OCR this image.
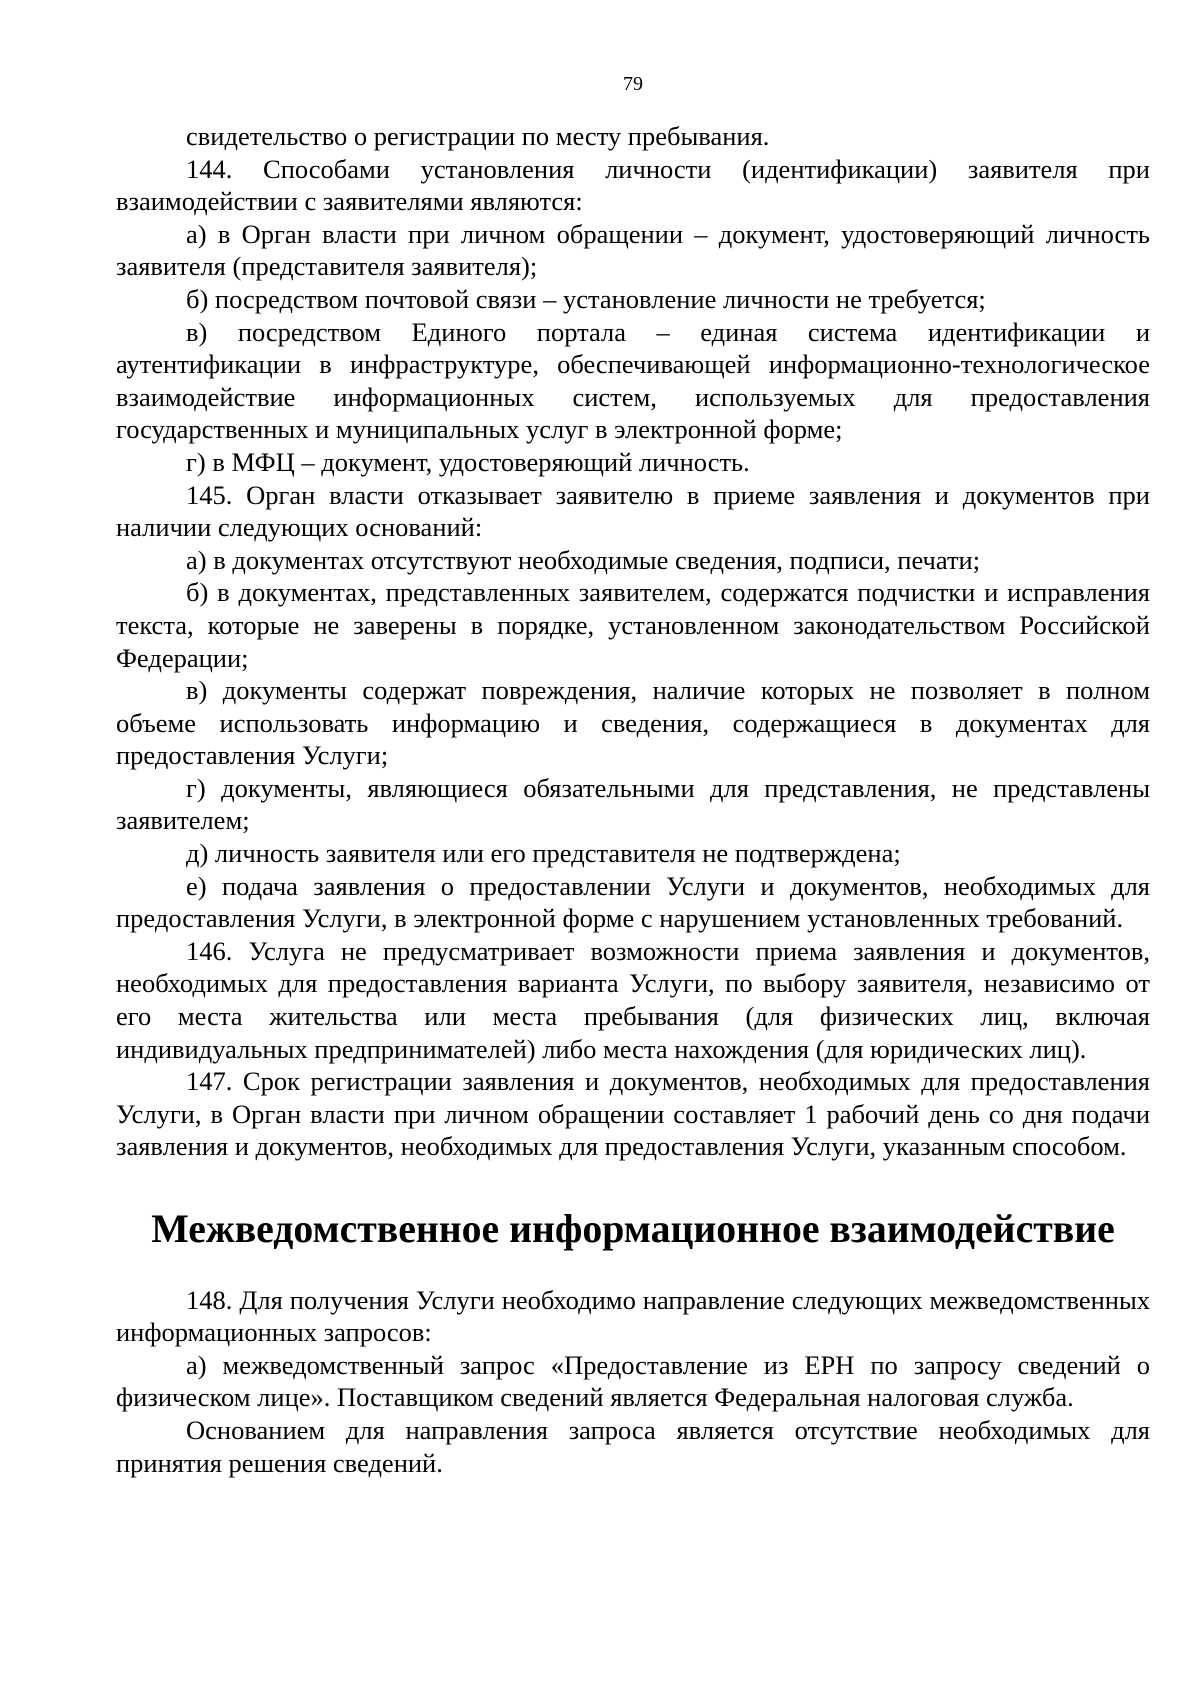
79

свидетельство о регистрации по месту пребывания.

144. Способами установления личности (идентификации) заявителя при взаимодействии с заявителями являются:

а) в Орган власти при личном обращении – документ, удостоверяющий личность заявителя (представителя заявителя);

б) посредством почтовой связи – установление личности не требуется;

в) посредством Единого портала – единая система идентификации и аутентификации в инфраструктуре, обеспечивающей информационно-технологическое взаимодействие информационных систем, используемых для предоставления государственных и муниципальных услуг в электронной форме;

г) в МФЦ – документ, удостоверяющий личность.

145. Орган власти отказывает заявителю в приеме заявления и документов при наличии следующих оснований:

а) в документах отсутствуют необходимые сведения, подписи, печати;

б) в документах, представленных заявителем, содержатся подчистки и исправления текста, которые не заверены в порядке, установленном законодательством Российской Федерации;

в) документы содержат повреждения, наличие которых не позволяет в полном объеме использовать информацию и сведения, содержащиеся в документах для предоставления Услуги;

г) документы, являющиеся обязательными для представления, не представлены заявителем;

д) личность заявителя или его представителя не подтверждена;

е) подача заявления о предоставлении Услуги и документов, необходимых для предоставления Услуги, в электронной форме с нарушением установленных требований.

146. Услуга не предусматривает возможности приема заявления и документов, необходимых для предоставления варианта Услуги, по выбору заявителя, независимо от его места жительства или места пребывания (для физических лиц, включая индивидуальных предпринимателей) либо места нахождения (для юридических лиц).

147. Срок регистрации заявления и документов, необходимых для предоставления Услуги, в Орган власти при личном обращении составляет 1 рабочий день со дня подачи заявления и документов, необходимых для предоставления Услуги, указанным способом.

Межведомственное информационное взаимодействие

148. Для получения Услуги необходимо направление следующих межведомственных информационных запросов:

а) межведомственный запрос «Предоставление из ЕРН по запросу сведений о физическом лице». Поставщиком сведений является Федеральная налоговая служба.

Основанием для направления запроса является отсутствие необходимых для принятия решения сведений.
